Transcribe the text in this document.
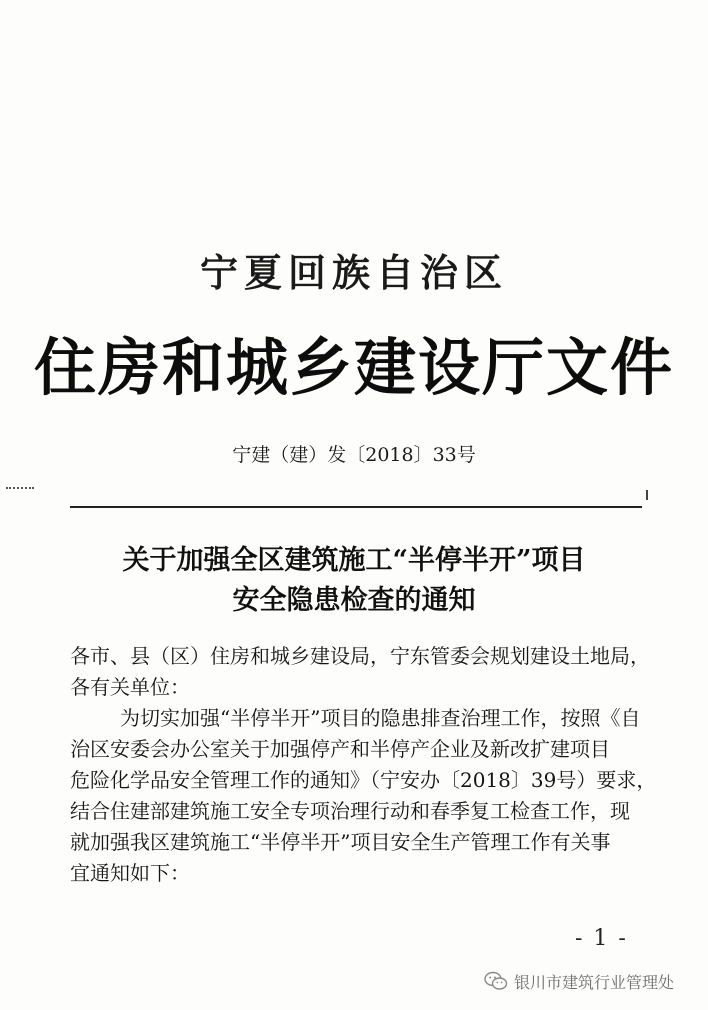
宁夏回族自治区
住房和城乡建设厅文件
宁建（建）发〔2018〕33号
关于加强全区建筑施工“半停半开”项目
安全隐患检查的通知
各市、县（区）住房和城乡建设局，宁东管委会规划建设土地局，
各有关单位：
为切实加强“半停半开”项目的隐患排查治理工作，按照《自
治区安委会办公室关于加强停产和半停产企业及新改扩建项目
危险化学品安全管理工作的通知》（宁安办〔2018〕39号）要求，
结合住建部建筑施工安全专项治理行动和春季复工检查工作，现
就加强我区建筑施工“半停半开”项目安全生产管理工作有关事
宜通知如下：
- 1 -
银川市建筑行业管理处
